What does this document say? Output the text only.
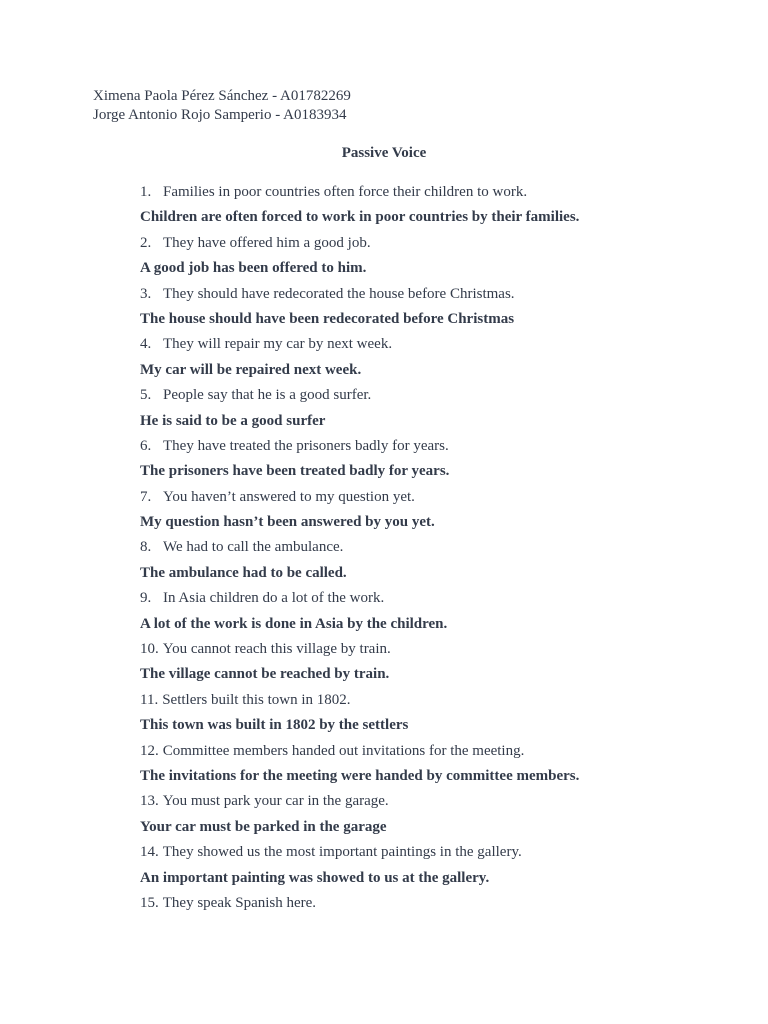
Ximena Paola Pérez Sánchez - A01782269
Jorge Antonio Rojo Samperio - A0183934
Passive Voice
1. Families in poor countries often force their children to work.
Children are often forced to work in poor countries by their families.
2. They have offered him a good job.
A good job has been offered to him.
3. They should have redecorated the house before Christmas.
The house should have been redecorated before Christmas
4. They will repair my car by next week.
My car will be repaired next week.
5. People say that he is a good surfer.
He is said to be a good surfer
6. They have treated the prisoners badly for years.
The prisoners have been treated badly for years.
7. You haven’t answered to my question yet.
My question hasn’t been answered by you yet.
8. We had to call the ambulance.
The ambulance had to be called.
9. In Asia children do a lot of the work.
A lot of the work is done in Asia by the children.
10. You cannot reach this village by train.
The village cannot be reached by train.
11. Settlers built this town in 1802.
This town was built in 1802 by the settlers
12. Committee members handed out invitations for the meeting.
The invitations for the meeting were handed by committee members.
13. You must park your car in the garage.
Your car must be parked in the garage
14. They showed us the most important paintings in the gallery.
An important painting was showed to us at the gallery.
15. They speak Spanish here.
